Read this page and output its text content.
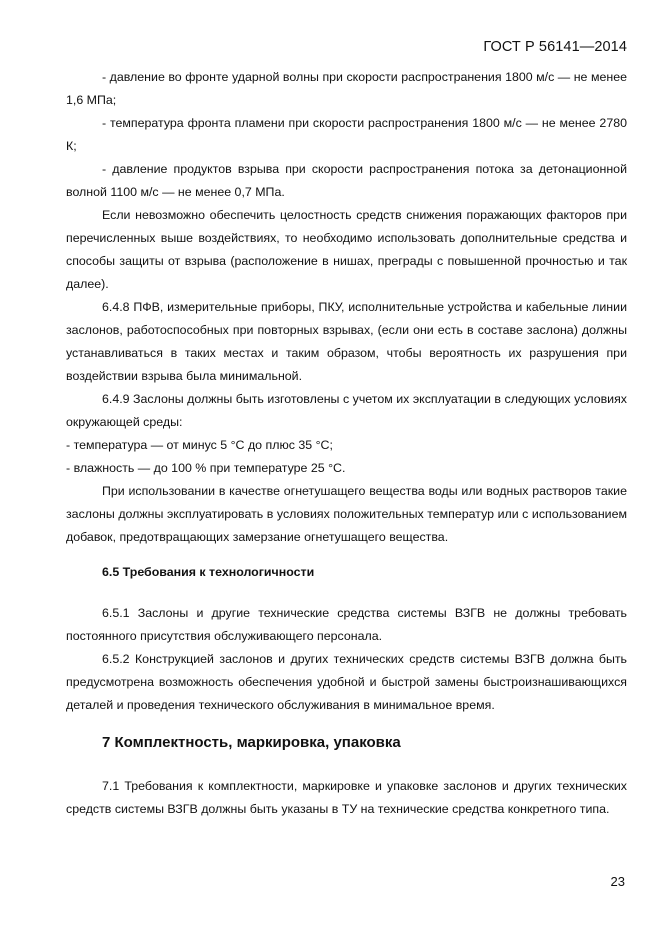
ГОСТ Р 56141—2014

- давление во фронте ударной волны при скорости распространения 1800 м/с — не менее 1,6 МПа;

- температура фронта пламени при скорости распространения 1800 м/с — не менее 2780 К;

- давление продуктов взрыва при скорости распространения потока за детонационной волной 1100 м/с — не менее 0,7 МПа.

Если невозможно обеспечить целостность средств снижения поражающих факторов при перечисленных выше воздействиях, то необходимо использовать дополнительные средства и способы защиты от взрыва (расположение в нишах, преграды с повышенной прочностью и так далее).

6.4.8 ПФВ, измерительные приборы, ПКУ, исполнительные устройства и кабельные линии заслонов, работоспособных при повторных взрывах, (если они есть в составе заслона) должны устанавливаться в таких местах и таким образом, чтобы вероятность их разрушения при воздействии взрыва была минимальной.

6.4.9 Заслоны должны быть изготовлены с учетом их эксплуатации в следующих условиях окружающей среды:

- температура — от минус 5 °С до плюс 35 °С;

- влажность — до 100 % при температуре 25 °С.

При использовании в качестве огнетушащего вещества воды или водных растворов такие заслоны должны эксплуатировать в условиях положительных температур или с использованием добавок, предотвращающих замерзание огнетушащего вещества.

6.5 Требования к технологичности

6.5.1 Заслоны и другие технические средства системы ВЗГВ не должны требовать постоянного присутствия обслуживающего персонала.

6.5.2 Конструкцией заслонов и других технических средств системы ВЗГВ должна быть предусмотрена возможность обеспечения удобной и быстрой замены быстроизнашивающихся деталей и проведения технического обслуживания в минимальное время.

7 Комплектность, маркировка, упаковка

7.1 Требования к комплектности, маркировке и упаковке заслонов и других технических средств системы ВЗГВ должны быть указаны в ТУ на технические средства конкретного типа.

23
